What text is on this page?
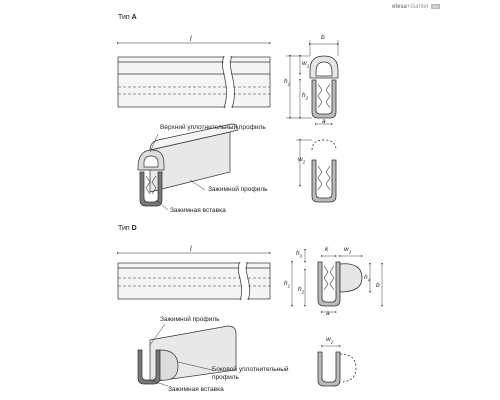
elesa+Ganter EN
Тип A
Тип D
l
l
b
$w_1$
$h_1$
$h_2$
a
$w_2$
Верхний уплотнительный профиль
Зажимной профиль
Зажимная вставка
$h_3$
k $w_1$
$h_1$
$h_2$
$h_4$
b
a
$w_2$
Зажимной профиль
Боковой уплотнительный
профиль
Зажимная вставка
